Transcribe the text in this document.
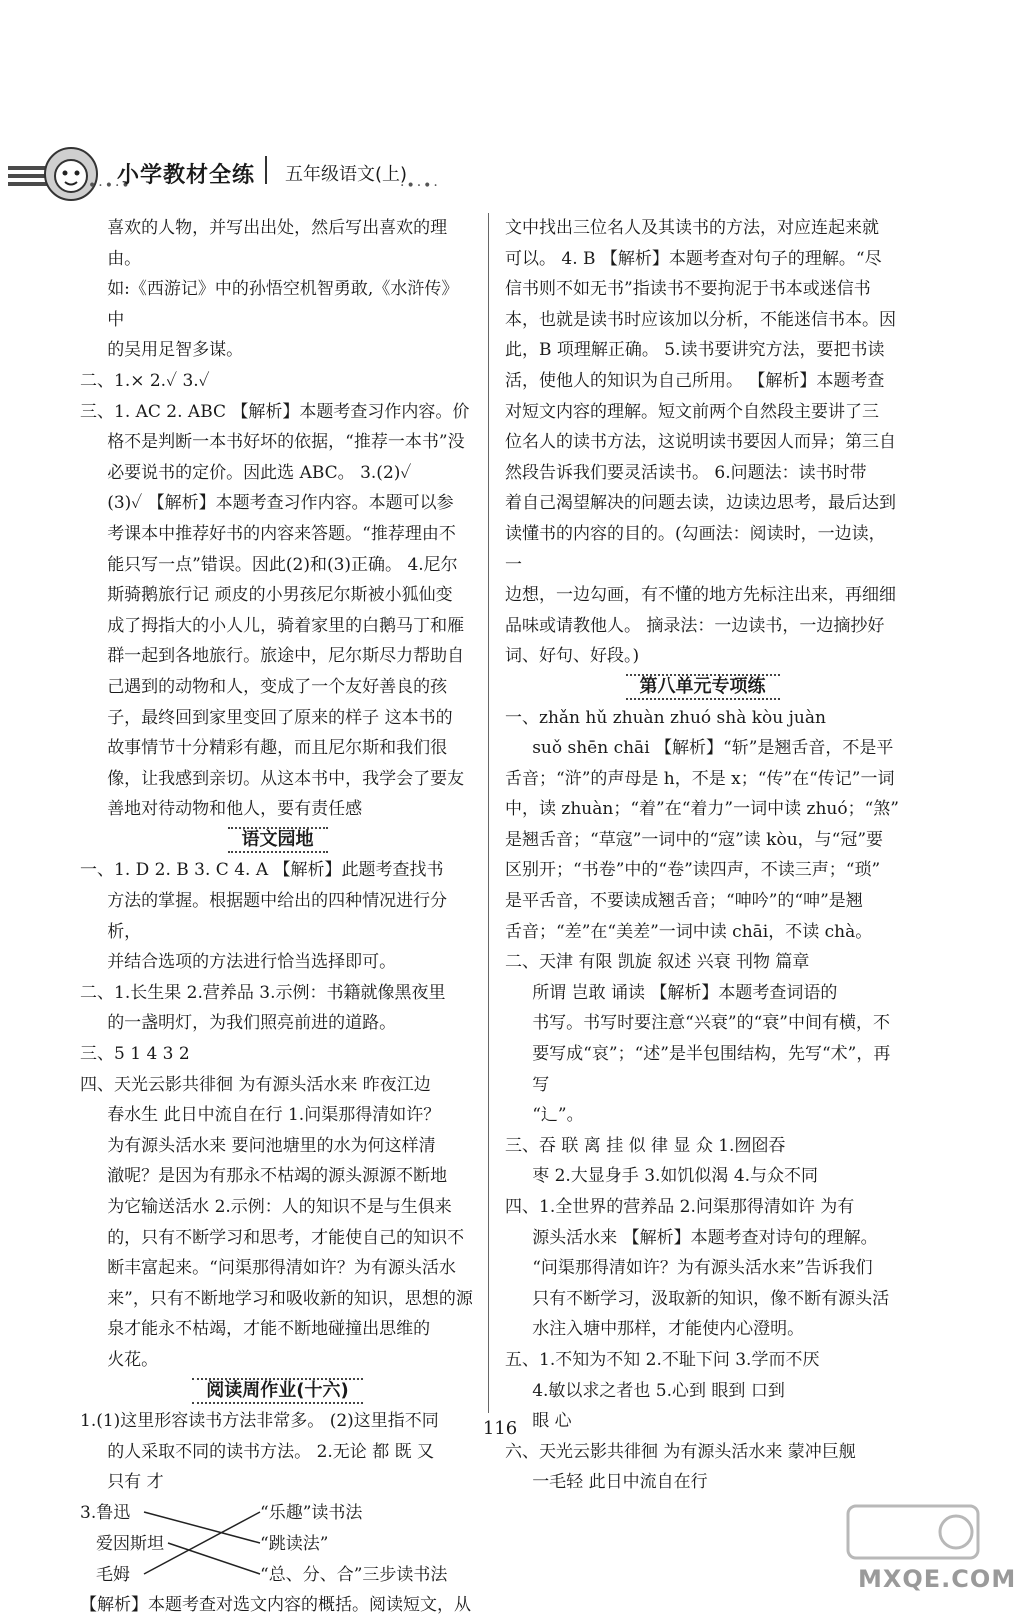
•·•·•
小学教材全练 五年级语文(上)
·•·•·

喜欢的人物，并写出出处，然后写出喜欢的理由。

如:《西游记》中的孙悟空机智勇敢,《水浒传》中

的吴用足智多谋。

二、1.× 2.✓ 3.✓

三、1. AC 2. ABC 【解析】本题考查习作内容。价

格不是判断一本书好坏的依据，“推荐一本书”没

必要说书的定价。因此选 ABC。 3.(2)✓

(3)✓ 【解析】本题考查习作内容。本题可以参

考课本中推荐好书的内容来答题。“推荐理由不

能只写一点”错误。因此(2)和(3)正确。 4.尼尔

斯骑鹅旅行记 顽皮的小男孩尼尔斯被小狐仙变

成了拇指大的小人儿，骑着家里的白鹅马丁和雁

群一起到各地旅行。旅途中，尼尔斯尽力帮助自

己遇到的动物和人，变成了一个友好善良的孩

子，最终回到家里变回了原来的样子 这本书的

故事情节十分精彩有趣，而且尼尔斯和我们很

像，让我感到亲切。从这本书中，我学会了要友

善地对待动物和他人，要有责任感

语文园地

一、1. D 2. B 3. C 4. A 【解析】此题考查找书

方法的掌握。根据题中给出的四种情况进行分析，

并结合选项的方法进行恰当选择即可。

二、1.长生果 2.营养品 3.示例：书籍就像黑夜里

的一盏明灯，为我们照亮前进的道路。

三、5 1 4 3 2

四、天光云影共徘徊 为有源头活水来 昨夜江边

春水生 此日中流自在行 1.问渠那得清如许？

为有源头活水来 要问池塘里的水为何这样清

澈呢？是因为有那永不枯竭的源头源源不断地

为它输送活水 2.示例：人的知识不是与生俱来

的，只有不断学习和思考，才能使自己的知识不

断丰富起来。“问渠那得清如许？为有源头活水

来”，只有不断地学习和吸收新的知识，思想的源

泉才能永不枯竭，才能不断地碰撞出思维的

火花。

阅读周作业(十六)

1.(1)这里形容读书方法非常多。 (2)这里指不同

的人采取不同的读书方法。 2.无论 都 既 又

只有 才

3.鲁迅
爱因斯坦
毛姆
“乐趣”读书法
“跳读法”
“总、分、合”三步读书法

【解析】本题考查对选文内容的概括。阅读短文，从

文中找出三位名人及其读书的方法，对应连起来就

可以。 4. B 【解析】本题考查对句子的理解。“尽

信书则不如无书”指读书不要拘泥于书本或迷信书

本，也就是读书时应该加以分析，不能迷信书本。因

此，B 项理解正确。 5.读书要讲究方法，要把书读

活，使他人的知识为自己所用。 【解析】本题考查

对短文内容的理解。短文前两个自然段主要讲了三

位名人的读书方法，这说明读书要因人而异；第三自

然段告诉我们要灵活读书。 6.问题法：读书时带

着自己渴望解决的问题去读，边读边思考，最后达到

读懂书的内容的目的。(勾画法：阅读时，一边读，一

边想，一边勾画，有不懂的地方先标注出来，再细细

品味或请教他人。 摘录法：一边读书，一边摘抄好

词、好句、好段。)

第八单元专项练

一、zhǎn hǔ zhuàn zhuó shà kòu juàn

suǒ shēn chāi 【解析】“斩”是翘舌音，不是平

舌音；“浒”的声母是 h，不是 x；“传”在“传记”一词

中，读 zhuàn；“着”在“着力”一词中读 zhuó；“煞”

是翘舌音；“草寇”一词中的“寇”读 kòu，与“冠”要

区别开；“书卷”中的“卷”读四声，不读三声；“琐”

是平舌音，不要读成翘舌音；“呻吟”的“呻”是翘

舌音；“差”在“美差”一词中读 chāi，不读 chà。

二、天津 有限 凯旋 叙述 兴衰 刊物 篇章

所谓 岂敢 诵读 【解析】本题考查词语的

书写。书写时要注意“兴衰”的“衰”中间有横，不

要写成“哀”；“述”是半包围结构，先写“术”，再写

“辶”。

三、吞 联 离 挂 似 律 显 众 1.囫囵吞

枣 2.大显身手 3.如饥似渴 4.与众不同

四、1.全世界的营养品 2.问渠那得清如许 为有

源头活水来 【解析】本题考查对诗句的理解。

“问渠那得清如许？为有源头活水来”告诉我们

只有不断学习，汲取新的知识，像不断有源头活

水注入塘中那样，才能使内心澄明。

五、1.不知为不知 2.不耻下问 3.学而不厌

4.敏以求之者也 5.心到 眼到 口到

眼 心

六、天光云影共徘徊 为有源头活水来 蒙冲巨舰

一毛轻 此日中流自在行

116
MXQE.COM
